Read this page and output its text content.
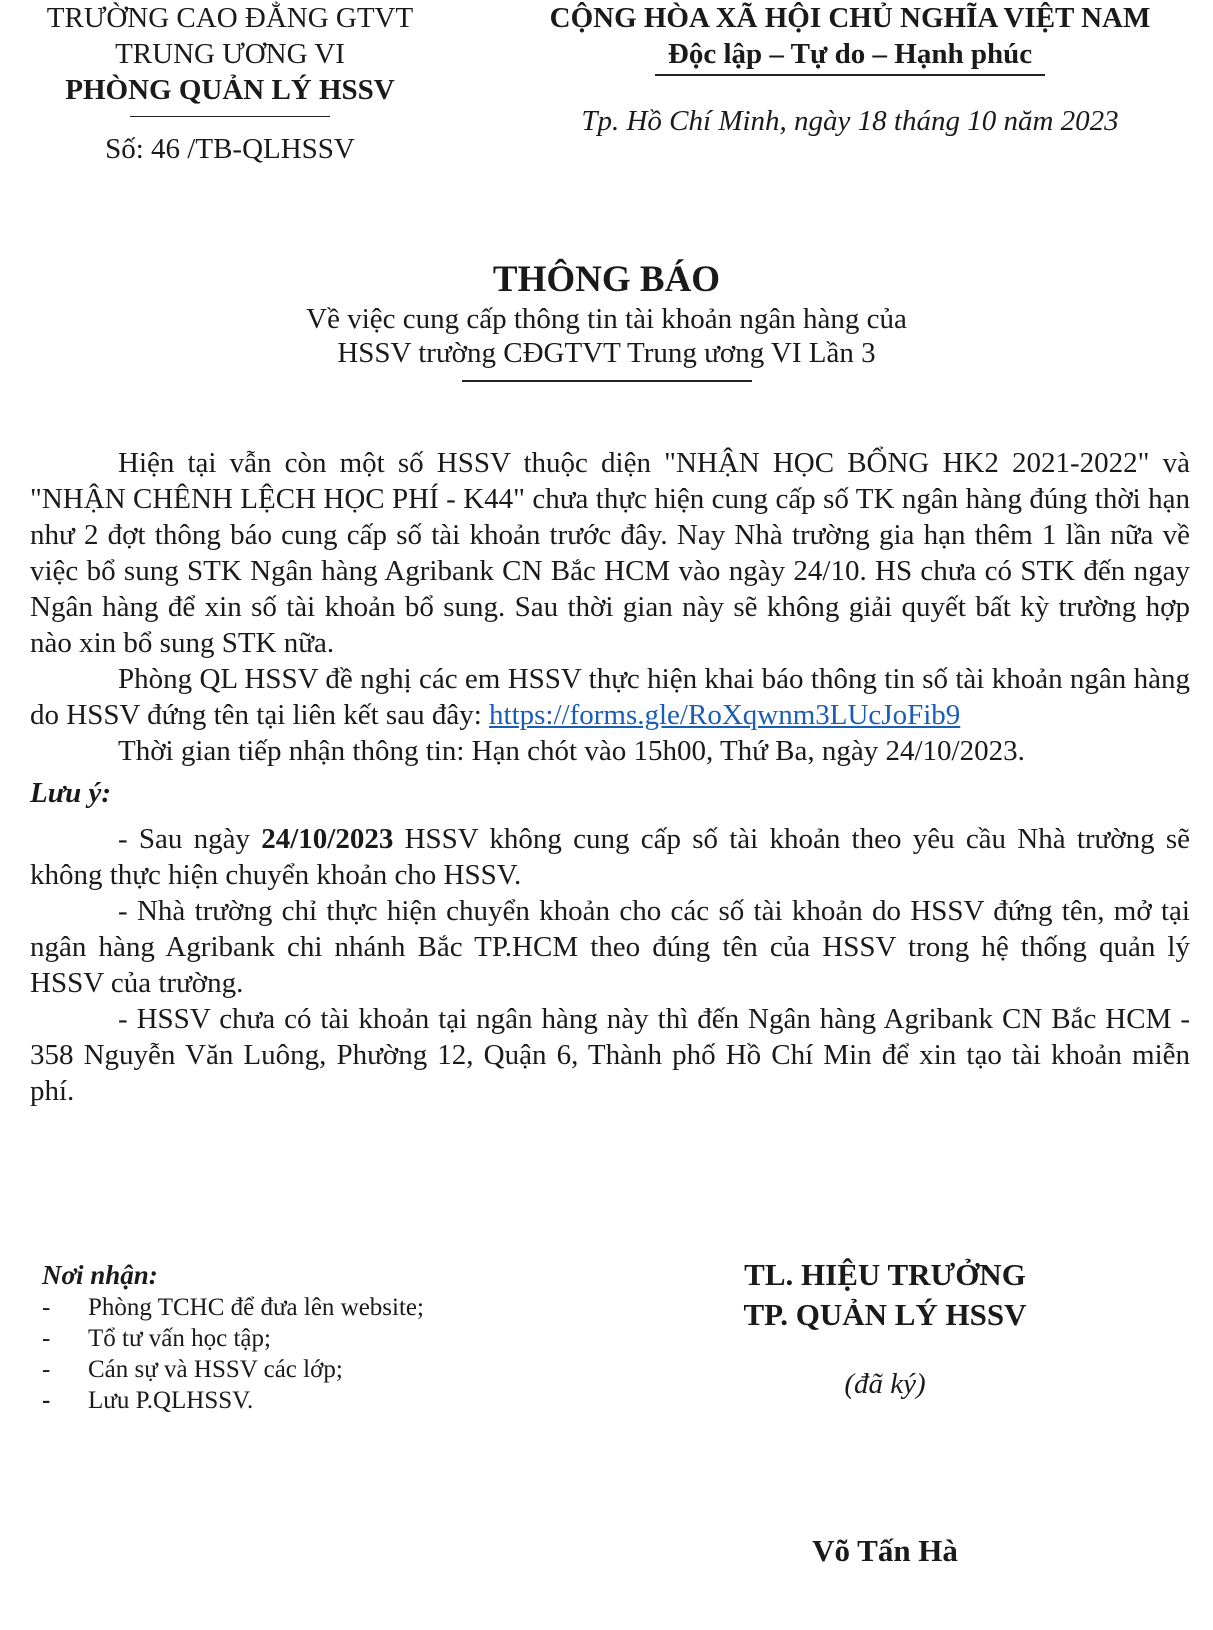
TRƯỜNG CAO ĐẲNG GTVT
TRUNG ƯƠNG VI
PHÒNG QUẢN LÝ HSSV
Số: 46 /TB-QLHSSV
CỘNG HÒA XÃ HỘI CHỦ NGHĨA VIỆT NAM
Độc lập – Tự do – Hạnh phúc
Tp. Hồ Chí Minh, ngày 18 tháng 10 năm 2023
THÔNG BÁO
Về việc cung cấp thông tin tài khoản ngân hàng của
HSSV trường CĐGTVT Trung ương VI Lần 3

Hiện tại vẫn còn một số HSSV thuộc diện "NHẬN HỌC BỔNG HK2 2021-2022" và "NHẬN CHÊNH LỆCH HỌC PHÍ - K44" chưa thực hiện cung cấp số TK ngân hàng đúng thời hạn như 2 đợt thông báo cung cấp số tài khoản trước đây. Nay Nhà trường gia hạn thêm 1 lần nữa về việc bổ sung STK Ngân hàng Agribank CN Bắc HCM vào ngày 24/10. HS chưa có STK đến ngay Ngân hàng để xin số tài khoản bổ sung. Sau thời gian này sẽ không giải quyết bất kỳ trường hợp nào xin bổ sung STK nữa.

Phòng QL HSSV đề nghị các em HSSV thực hiện khai báo thông tin số tài khoản ngân hàng do HSSV đứng tên tại liên kết sau đây: https://forms.gle/RoXqwnm3LUcJoFib9

Thời gian tiếp nhận thông tin: Hạn chót vào 15h00, Thứ Ba, ngày 24/10/2023.

Lưu ý:

- Sau ngày 24/10/2023 HSSV không cung cấp số tài khoản theo yêu cầu Nhà trường sẽ không thực hiện chuyển khoản cho HSSV.

- Nhà trường chỉ thực hiện chuyển khoản cho các số tài khoản do HSSV đứng tên, mở tại ngân hàng Agribank chi nhánh Bắc TP.HCM theo đúng tên của HSSV trong hệ thống quản lý HSSV của trường.

- HSSV chưa có tài khoản tại ngân hàng này thì đến Ngân hàng Agribank CN Bắc HCM - 358 Nguyễn Văn Luông, Phường 12, Quận 6, Thành phố Hồ Chí Min để xin tạo tài khoản miễn phí.

Nơi nhận:
-	Phòng TCHC để đưa lên website;
-	Tổ tư vấn học tập;
-	Cán sự và HSSV các lớp;
-	Lưu P.QLHSSV.
TL. HIỆU TRƯỞNG
TP. QUẢN LÝ HSSV
(đã ký)
Võ Tấn Hà
